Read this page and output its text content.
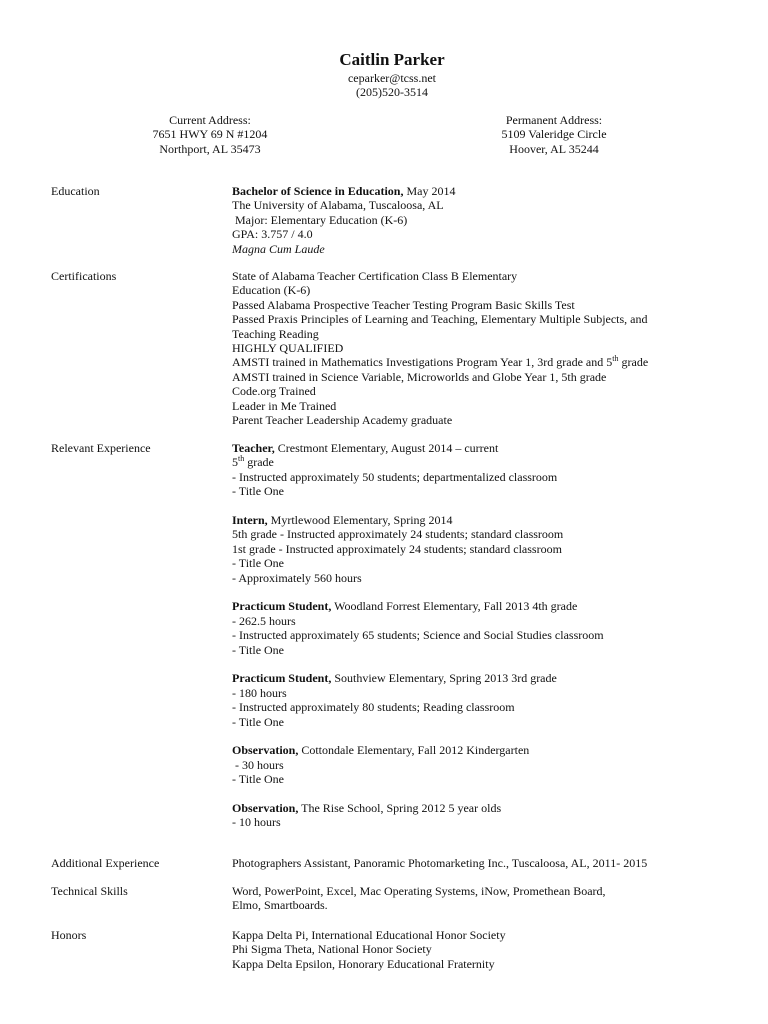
Caitlin Parker
ceparker@tcss.net
(205)520-3514
Current Address:
7651 HWY 69 N #1204
Northport, AL 35473
Permanent Address:
5109 Valeridge Circle
Hoover, AL 35244
Education	Bachelor of Science in Education, May 2014
The University of Alabama, Tuscaloosa, AL
Major: Elementary Education (K-6)
GPA: 3.757 / 4.0
Magna Cum Laude
Certifications	State of Alabama Teacher Certification Class B Elementary
Education (K-6)
Passed Alabama Prospective Teacher Testing Program Basic Skills Test
Passed Praxis Principles of Learning and Teaching, Elementary Multiple Subjects, and
Teaching Reading
HIGHLY QUALIFIED
AMSTI trained in Mathematics Investigations Program Year 1, 3rd grade and 5th grade
AMSTI trained in Science Variable, Microworlds and Globe Year 1, 5th grade
Code.org Trained
Leader in Me Trained
Parent Teacher Leadership Academy graduate
Relevant Experience	Teacher, Crestmont Elementary, August 2014 – current
5th grade
- Instructed approximately 50 students; departmentalized classroom
- Title One
Intern, Myrtlewood Elementary, Spring 2014
5th grade - Instructed approximately 24 students; standard classroom
1st grade - Instructed approximately 24 students; standard classroom
- Title One
- Approximately 560 hours
Practicum Student, Woodland Forrest Elementary, Fall 2013 4th grade
- 262.5 hours
- Instructed approximately 65 students; Science and Social Studies classroom
- Title One
Practicum Student, Southview Elementary, Spring 2013 3rd grade
- 180 hours
- Instructed approximately 80 students; Reading classroom
- Title One
Observation, Cottondale Elementary, Fall 2012 Kindergarten
- 30 hours
- Title One
Observation, The Rise School, Spring 2012 5 year olds
- 10 hours
Additional Experience	Photographers Assistant, Panoramic Photomarketing Inc., Tuscaloosa, AL, 2011- 2015
Technical Skills	Word, PowerPoint, Excel, Mac Operating Systems, iNow, Promethean Board,
Elmo, Smartboards.
Honors	Kappa Delta Pi, International Educational Honor Society
Phi Sigma Theta, National Honor Society
Kappa Delta Epsilon, Honorary Educational Fraternity
